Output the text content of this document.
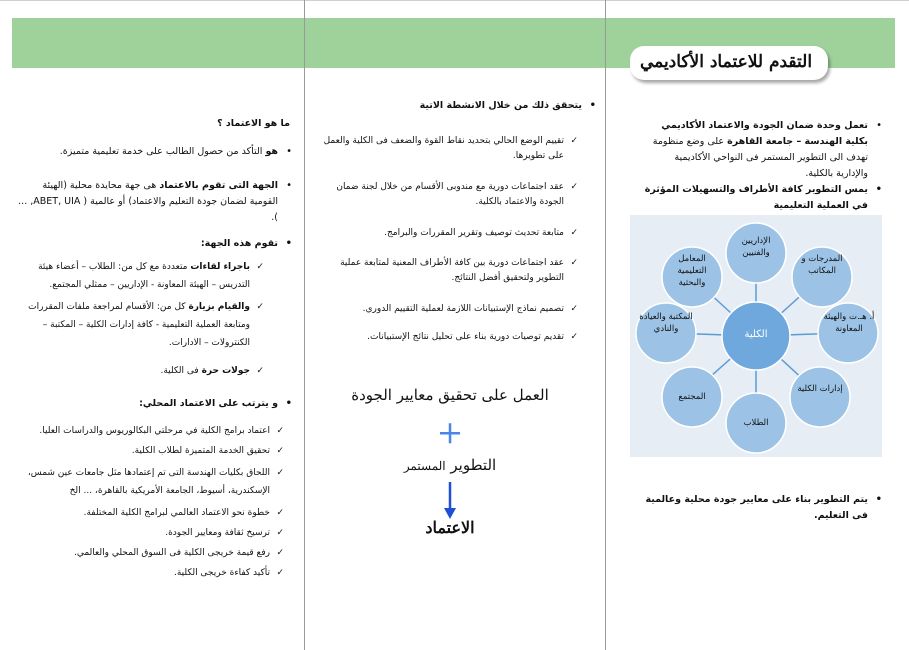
التقدم للاعتماد الأكاديمي
• تعمل وحدة ضمان الجودة والاعتماد الأكاديمي بكلية الهندسة – جامعة القاهرة على وضع منظومة تهدف الى التطوير المستمر فى النواحي الأكاديمية والإدارية بالكلية.
• يمس التطوير كافة الأطراف والتسهيلات المؤثرة في العملية التعليمية
• يتم التطوير بناء على معايير جودة محلية وعالمية فى التعليم.
الكلية
الإداريين والفنيين
المدرجات و المكاتب
أ. هـ.ت والهيئة المعاونة
إدارات الكلية
الطلاب
المجتمع
المكتبة والعيادة والنادي
المعامل التعليمية والبحثية
• يتحقق ذلك من خلال الانشطة الاتية
✓
تقييم الوضع الحالي بتحديد نقاط القوة والضعف فى الكلية والعمل على تطويرها.
✓
عقد اجتماعات دورية مع مندوبى الأقسام من خلال لجنة ضمان الجودة والاعتماد بالكلية.
✓
متابعة تحديث توصيف وتقرير المقررات والبرامج.
✓
عقد اجتماعات دورية بين كافة الأطراف المعنية لمتابعة عملية التطوير ولتحقيق أفضل النتائج.
✓
تصميم نماذج الإستبيانات اللازمة لعملية التقييم الدوري.
✓
تقديم توصيات دورية بناء على تحليل نتائج الإستبيانات.
العمل على تحقيق معايير الجودة
+
التطوير المستمر
الاعتماد
ما هو الاعتماد ؟
• هو التأكد من حصول الطالب على خدمة تعليمية متميزة.
• الجهة التى تقوم بالاعتماد هى جهة محايدة محلية (الهيئة القومية لضمان جودة التعليم والاعتماد) أو عالمية ( ABET, UIA, ... ).
• تقوم هذه الجهة:
✓
باجراء لقاءات متعددة مع كل من: الطلاب – أعضاء هيئة التدريس – الهيئة المعاونة - الإداريين – ممثلي المجتمع.
✓
والقيام بزيارة كل من: الأقسام لمراجعة ملفات المقررات ومتابعة العملية التعليمية - كافة إدارات الكلية – المكتبة – الكنترولات – الادارات.
✓
جولات حرة فى الكلية.
• و يترتب على الاعتماد المحلي:
✓
اعتماد برامج الكلية في مرحلتي البكالوريوس والدراسات العليا.
✓
تحقيق الخدمة المتميزة لطلاب الكلية.
✓
اللحاق بكليات الهندسة التى تم إعتمادها مثل جامعات عين شمس، الإسكندرية، أسيوط، الجامعة الأمريكية بالقاهرة، ... الخ
✓
خطوة نحو الاعتماد العالمي لبرامج الكلية المختلفة.
✓
ترسيخ ثقافة ومعايير الجودة.
✓
رفع قيمة خريجى الكلية فى السوق المحلي والعالمي.
✓
تأكيد كفاءة خريجى الكلية.
